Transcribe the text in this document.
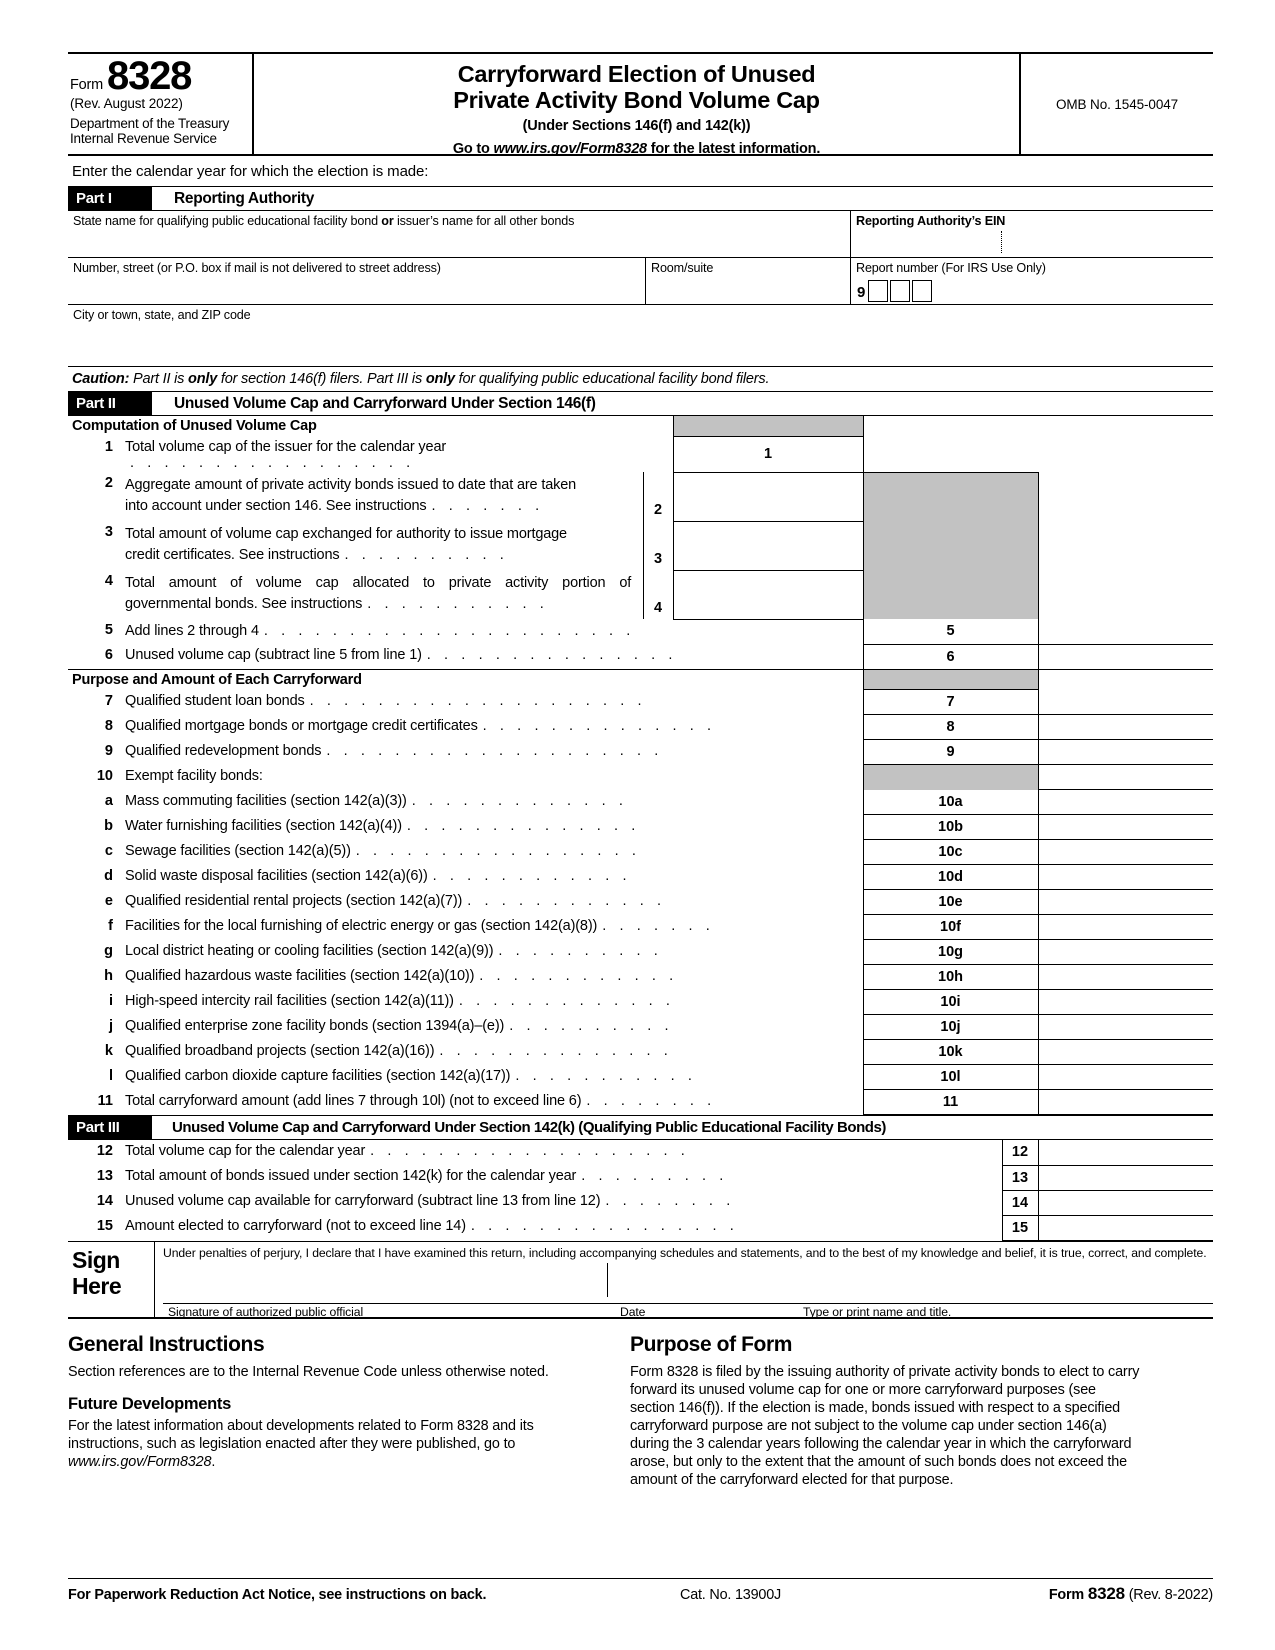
Form 8328
(Rev. August 2022)
Department of the Treasury
Internal Revenue Service
Carryforward Election of Unused
Private Activity Bond Volume Cap
(Under Sections 146(f) and 142(k))
Go to www.irs.gov/Form8328 for the latest information.
OMB No. 1545-0047
Enter the calendar year for which the election is made:
Part I	Reporting Authority
State name for qualifying public educational facility bond or issuer’s name for all other bonds	Reporting Authority’s EIN
Number, street (or P.O. box if mail is not delivered to street address)	Room/suite	Report number (For IRS Use Only)
9
City or town, state, and ZIP code
Caution: Part II is only for section 146(f) filers. Part III is only for qualifying public educational facility bond filers.
Part II	Unused Volume Cap and Carryforward Under Section 146(f)
Computation of Unused Volume Cap					
1	Total volume cap of the issuer for the calendar year. . . . . . . . . . . . . . . . .		1		
2	Aggregate amount of private activity bonds issued to date that are taken
into account under section 146. See instructions . . . . . . .	2			
3	Total amount of volume cap exchanged for authority to issue mortgage
credit certificates. See instructions . . . . . . . . . .	3			
4	Total amount of volume cap allocated to private activity portion of
governmental bonds. See instructions . . . . . . . . . . .	4			
5	Add lines 2 through 4 . . . . . . . . . . . . . . . . . . . . . .			5	
6	Unused volume cap (subtract line 5 from line 1) . . . . . . . . . . . . . . .			6	
Purpose and Amount of Each Carryforward					
7	Qualified student loan bonds . . . . . . . . . . . . . . . . . . . .			7	
8	Qualified mortgage bonds or mortgage credit certificates . . . . . . . . . . . . . .			8	
9	Qualified redevelopment bonds . . . . . . . . . . . . . . . . . . . .			9	
10	Exempt facility bonds:				
a	Mass commuting facilities (section 142(a)(3)) . . . . . . . . . . . . .			10a	
b	Water furnishing facilities (section 142(a)(4)) . . . . . . . . . . . . . .			10b	
c	Sewage facilities (section 142(a)(5)) . . . . . . . . . . . . . . . . .			10c	
d	Solid waste disposal facilities (section 142(a)(6)) . . . . . . . . . . . .			10d	
e	Qualified residential rental projects (section 142(a)(7)) . . . . . . . . . . . .			10e	
f	Facilities for the local furnishing of electric energy or gas (section 142(a)(8)) . . . . . . .			10f	
g	Local district heating or cooling facilities (section 142(a)(9)) . . . . . . . . . .			10g	
h	Qualified hazardous waste facilities (section 142(a)(10)) . . . . . . . . . . . .			10h	
i	High-speed intercity rail facilities (section 142(a)(11)) . . . . . . . . . . . . .			10i	
j	Qualified enterprise zone facility bonds (section 1394(a)–(e)) . . . . . . . . . .			10j	
k	Qualified broadband projects (section 142(a)(16)) . . . . . . . . . . . . . .			10k	
l	Qualified carbon dioxide capture facilities (section 142(a)(17)) . . . . . . . . . . .			10l	
11	Total carryforward amount (add lines 7 through 10l) (not to exceed line 6) . . . . . . . .			11	
Part III	Unused Volume Cap and Carryforward Under Section 142(k) (Qualifying Public Educational Facility Bonds)
12	Total volume cap for the calendar year . . . . . . . . . . . . . . . . . . .	12	
13	Total amount of bonds issued under section 142(k) for the calendar year . . . . . . . . .	13	
14	Unused volume cap available for carryforward (subtract line 13 from line 12) . . . . . . . .	14	
15	Amount elected to carryforward (not to exceed line 14) . . . . . . . . . . . . . . . .	15	
Sign
Here
Under penalties of perjury, I declare that I have examined this return, including accompanying schedules and statements, and to the best of my knowledge and belief, it is true, correct, and complete.
Signature of authorized public official	Date	Type or print name and title.
General Instructions

Section references are to the Internal Revenue Code unless otherwise noted.

Future Developments

For the latest information about developments related to Form 8328 and its instructions, such as legislation enacted after they were published, go to www.irs.gov/Form8328.

Purpose of Form

Form 8328 is filed by the issuing authority of private activity bonds to elect to carry forward its unused volume cap for one or more carryforward purposes (see section 146(f)). If the election is made, bonds issued with respect to a specified carryforward purpose are not subject to the volume cap under section 146(a) during the 3 calendar years following the calendar year in which the carryforward arose, but only to the extent that the amount of such bonds does not exceed the amount of the carryforward elected for that purpose.

For Paperwork Reduction Act Notice, see instructions on back.	Cat. No. 13900J	Form 8328 (Rev. 8-2022)
